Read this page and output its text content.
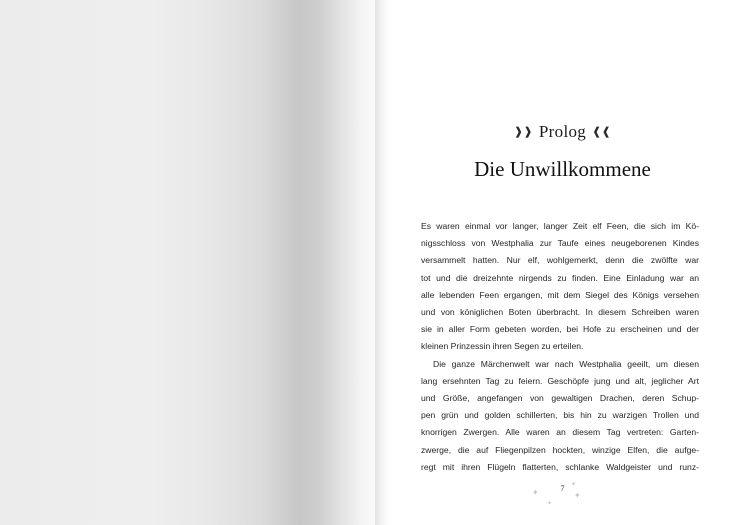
❱❱ Prolog ❰❰
Die Unwillkommene
Es waren einmal vor langer, langer Zeit elf Feen, die sich im Kö-
nigsschloss von Westphalia zur Taufe eines neugeborenen Kindes
versammelt hatten. Nur elf, wohlgemerkt, denn die zwölfte war
tot und die dreizehnte nirgends zu finden. Eine Einladung war an
alle lebenden Feen ergangen, mit dem Siegel des Königs versehen
und von königlichen Boten überbracht. In diesem Schreiben waren
sie in aller Form gebeten worden, bei Hofe zu erscheinen und der
kleinen Prinzessin ihren Segen zu erteilen.
Die ganze Märchenwelt war nach Westphalia geeilt, um diesen
lang ersehnten Tag zu feiern. Geschöpfe jung und alt, jeglicher Art
und Größe, angefangen von gewaltigen Drachen, deren Schup-
pen grün und golden schillerten, bis hin zu warzigen Trollen und
knorrigen Zwergen. Alle waren an diesem Tag vertreten: Garten-
zwerge, die auf Fliegenpilzen hockten, winzige Elfen, die aufge-
regt mit ihren Flügeln flatterten, schlanke Waldgeister und runz-
✦
✦
7	✦
✦
